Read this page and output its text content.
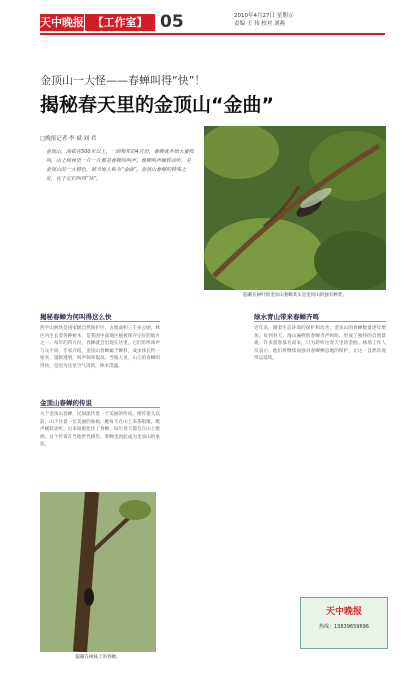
天中晚报 【工作室】 05	2010年4月27日 星期五
责编 王 伟 校对 刘燕
金顶山一大怪——春蝉叫得“快”！
揭秘春天里的金顶山“金曲”
□晚报记者 李 斌 刘 君
金顶山，海拔在500米以上，一到每年的4月份，春蝉就开始大量鸣叫，山上树林里一片一片都是春蝉的叫声。春蝉叫声婉转动听，是金顶山的一大特色，被当地人称为“金曲”。金顶山春蝉的特殊之处，在于它们叫得“快”。
隐蔽在树叶的金顶山春蝉其实是金顶山的独有种类。
揭秘春蝉为何叫得这么快
西平山林场是国家级自然保护区，占地面积三千多公顷，林区内生长着各种树木，是我国中部地区植被保存完好的地方之一。每年的四月份，春蝉就会出现在这里，它们的鸣叫声与众不同。专家介绍，金顶山春蝉属于蝉科，成虫体长约一厘米，翅膀透明，叫声频率很高。当地人说，山上的春蝉叫得快，是因为这里空气清新，林木茂盛。
金顶山春蝉的传说
关于金顶山春蝉，民间流传着一个美丽的传说。相传很久以前，山下住着一位美丽的姑娘，她每天在山上采茶唱歌，歌声婉转动听。后来姑娘化作了春蝉，每年春天都会在山上歌唱。这个传说在当地世代相传，春蝉也因此成为金顶山的象征。
绿水青山带来春蝉齐鸣
近年来，随着生态环境的保护和改善，金顶山的春蝉数量逐年增加。每到春天，漫山遍野的春蝉齐声鸣叫，形成了独特的自然景观。许多游客慕名而来，只为聆听这春天里的金曲。林场工作人员表示，他们将继续加强对春蝉栖息地的保护，让这一自然奇观得以延续。
隐蔽在树枝上的春蝉。
天中晚报
热线：13839659696
